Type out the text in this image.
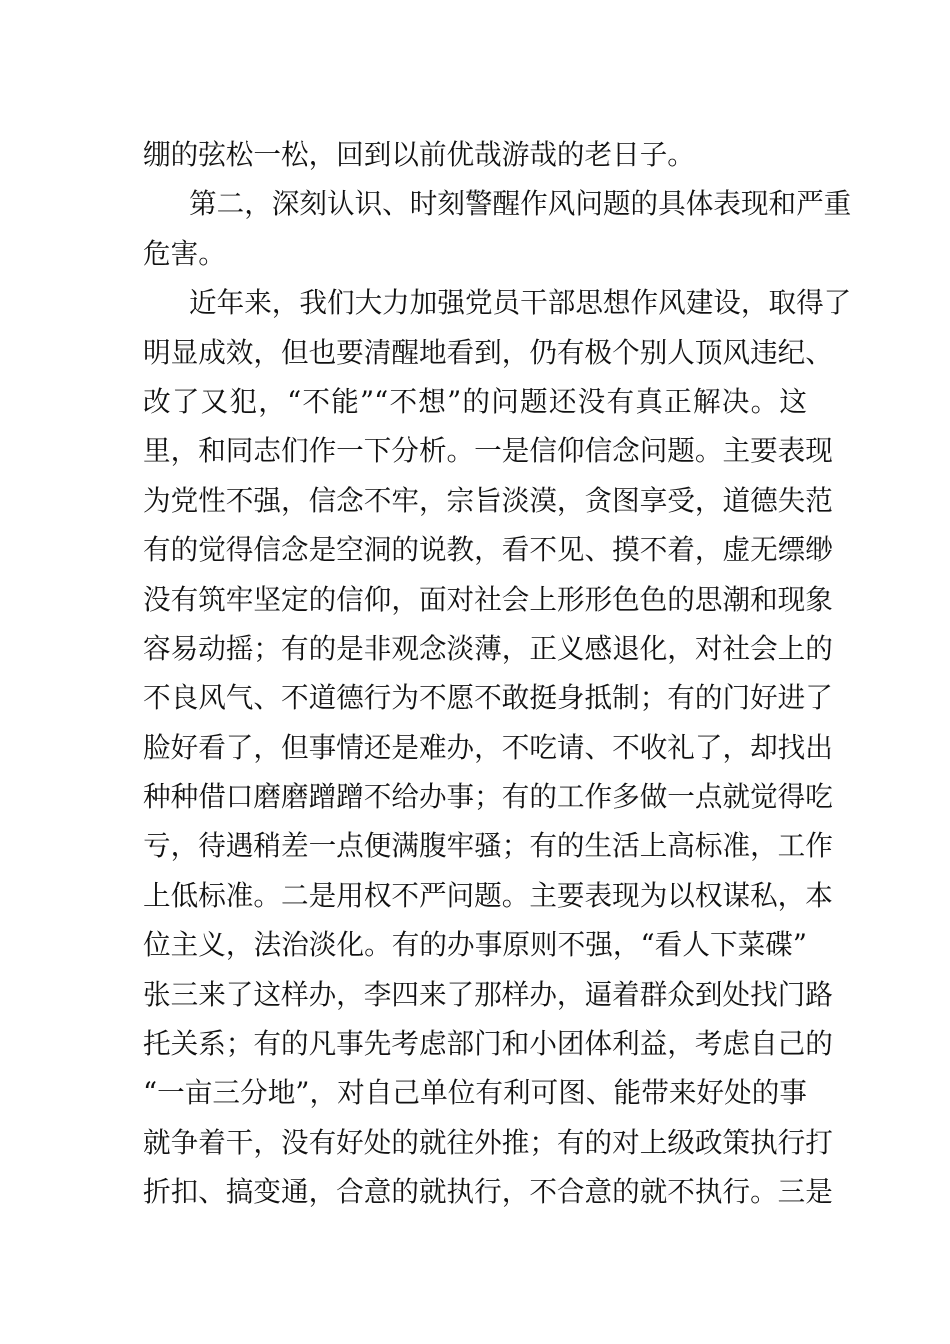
绷的弦松一松，回到以前优哉游哉的老日子。
第二，深刻认识、时刻警醒作风问题的具体表现和严重
危害。
近年来，我们大力加强党员干部思想作风建设，取得了
明显成效，但也要清醒地看到，仍有极个别人顶风违纪、
改了又犯，“不能”“不想”的问题还没有真正解决。这
里，和同志们作一下分析。一是信仰信念问题。主要表现
为党性不强，信念不牢，宗旨淡漠，贪图享受，道德失范
有的觉得信念是空洞的说教，看不见、摸不着，虚无缥缈
没有筑牢坚定的信仰，面对社会上形形色色的思潮和现象
容易动摇；有的是非观念淡薄，正义感退化，对社会上的
不良风气、不道德行为不愿不敢挺身抵制；有的门好进了
脸好看了，但事情还是难办，不吃请、不收礼了，却找出
种种借口磨磨蹭蹭不给办事；有的工作多做一点就觉得吃
亏，待遇稍差一点便满腹牢骚；有的生活上高标准，工作
上低标准。二是用权不严问题。主要表现为以权谋私，本
位主义，法治淡化。有的办事原则不强，“看人下菜碟”
张三来了这样办，李四来了那样办，逼着群众到处找门路
托关系；有的凡事先考虑部门和小团体利益，考虑自己的
“一亩三分地”，对自己单位有利可图、能带来好处的事
就争着干，没有好处的就往外推；有的对上级政策执行打
折扣、搞变通，合意的就执行，不合意的就不执行。三是
